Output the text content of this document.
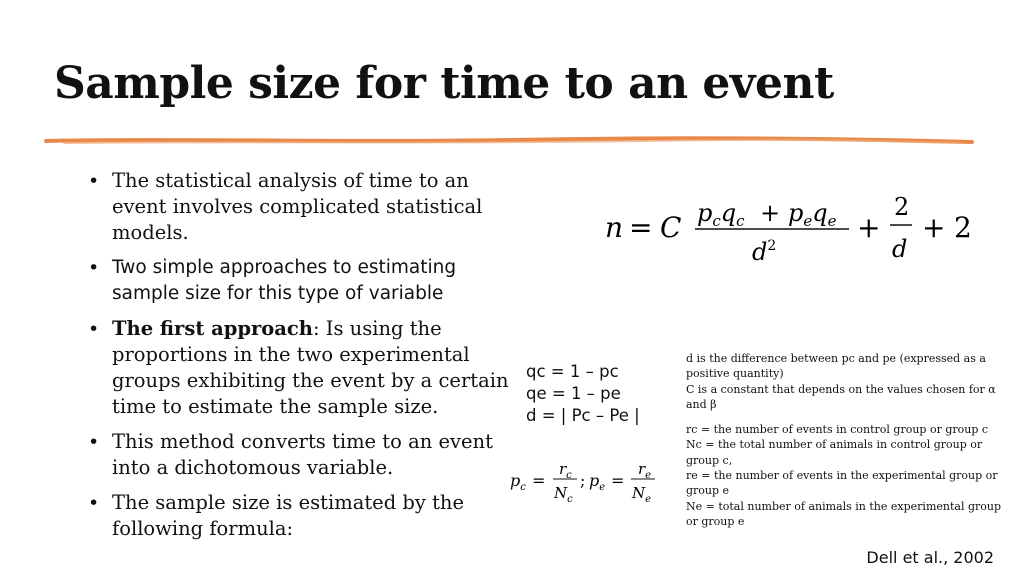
Sample size for time to an event
• The statistical analysis of time to an event involves complicated statistical models.
• Two simple approaches to estimating sample size for this type of variable
• The first approach: Is using the proportions in the two experimental groups exhibiting the event by a certain time to estimate the sample size.
• This method converts time to an event into a dichotomous variable.
• The sample size is estimated by the following formula:
n = C $p_cq_c + p_eq_e$
$d^2$
+
2
d
+ 2
qc = 1 – pc
qe = 1 – pe
d = | Pc – Pe |
$p_c$ =
$r_c$
$N_c$
; $p_e$ =
$r_e$
$N_e$

d is the difference between pc and pe (expressed as a positive quantity)

C is a constant that depends on the values chosen for α and β

rc = the number of events in control group or group c

Nc = the total number of animals in control group or group c,

re = the number of events in the experimental group or group e

Ne = total number of animals in the experimental group or group e

Dell et al., 2002
